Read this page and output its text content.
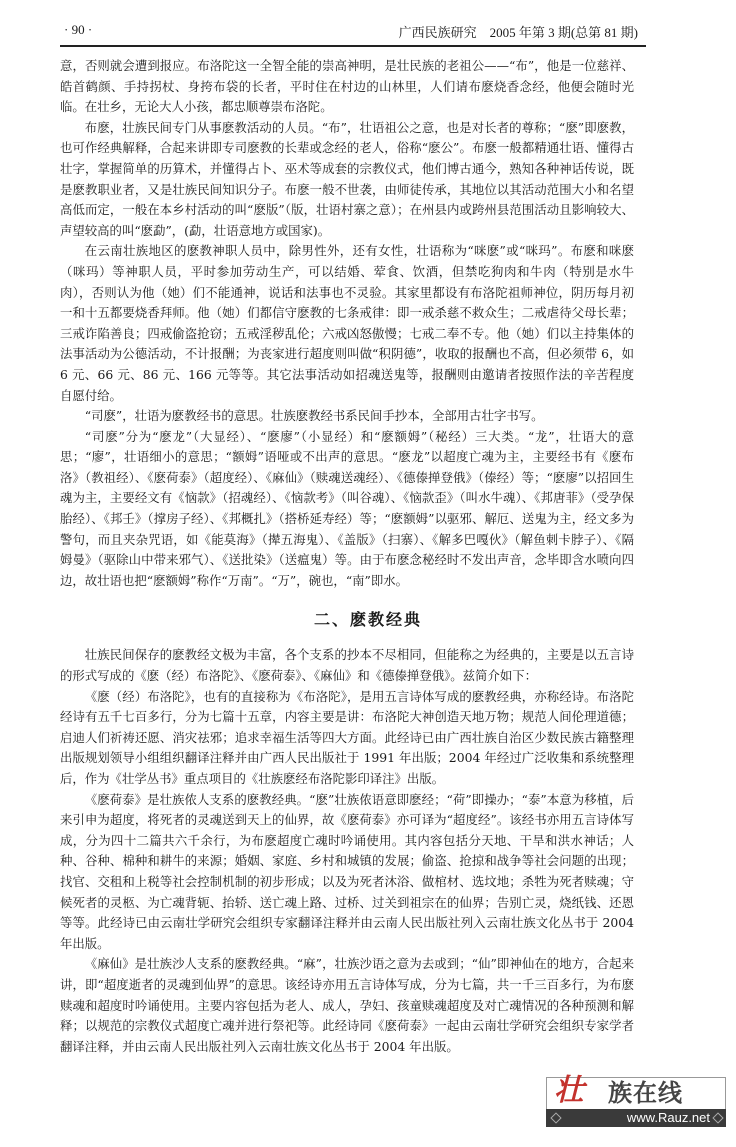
· 90 ·	广西民族研究　2005 年第 3 期(总第 81 期)

意，否则就会遭到报应。布洛陀这一全智全能的崇高神明，是壮民族的老祖公——“布”，他是一位慈祥、皓首鹤颜、手持拐杖、身挎布袋的长者，平时住在村边的山林里，人们请布麽烧香念经，他便会随时光临。在壮乡，无论大人小孩，都忠顺尊崇布洛陀。

布麽，壮族民间专门从事麽教活动的人员。“布”，壮语祖公之意，也是对长者的尊称；“麽”即麽教，也可作经典解释，合起来讲即专司麽教的长辈或念经的老人，俗称“麽公”。布麽一般都精通壮语、懂得古壮字，掌握简单的历算术，并懂得占卜、巫术等成套的宗教仪式，他们博古通今，熟知各种神话传说，既是麽教职业者，又是壮族民间知识分子。布麽一般不世袭，由师徒传承，其地位以其活动范围大小和名望高低而定，一般在本乡村活动的叫“麽版”（版，壮语村寨之意）；在州县内或跨州县范围活动且影响较大、声望较高的叫“麽勐”，(勐，壮语意地方或国家)。

在云南壮族地区的麽教神职人员中，除男性外，还有女性，壮语称为“咪麽”或“咪玛”。布麽和咪麽（咪玛）等神职人员，平时参加劳动生产，可以结婚、荤食、饮酒，但禁吃狗肉和牛肉（特别是水牛肉），否则认为他（她）们不能通神，说话和法事也不灵验。其家里都设有布洛陀祖师神位，阴历每月初一和十五都要烧香拜师。他（她）们都信守麽教的七条戒律：即一戒杀慈不救众生；二戒虐待父母长辈；三戒诈陷善良；四戒偷盗抢窃；五戒淫秽乱伦；六戒凶怒傲慢；七戒二奉不专。他（她）们以主持集体的法事活动为公德活动，不计报酬；为丧家进行超度则叫做“积阴德”，收取的报酬也不高，但必须带 6，如 6 元、66 元、86 元、166 元等等。其它法事活动如招魂送鬼等，报酬则由邀请者按照作法的辛苦程度自愿付给。

“司麽”，壮语为麽教经书的意思。壮族麽教经书系民间手抄本，全部用古壮字书写。

“司麽”分为“麽龙”（大显经）、“麽廖”（小显经）和“麽额姆”（秘经）三大类。“龙”，壮语大的意思；“廖”，壮语细小的意思；“额姆”语哑或不出声的意思。“麽龙”以超度亡魂为主，主要经书有《麽布洛》（教祖经）、《麽荷泰》（超度经）、《麻仙》（赎魂送魂经）、《德傣掸登俄》（傣经）等；“麽廖”以招回生魂为主，主要经文有《恼款》（招魂经）、《恼款考》（叫谷魂）、《恼款歪》（叫水牛魂）、《邦唐菲》（受孕保胎经）、《邦壬》（撑房子经）、《邦概扎》（搭桥延寿经）等；“麽额姆”以驱邪、解厄、送鬼为主，经文多为警句，而且夹杂咒语，如《能莫海》（撵五海鬼）、《盖版》（扫寨）、《解多巴嘎伙》（解鱼刺卡脖子）、《隔姆曼》（驱除山中带来邪气）、《送批染》（送瘟鬼）等。由于布麽念秘经时不发出声音，念毕即含水喷向四边，故壮语也把“麽额姆”称作“万南”。“万”，碗也，“南”即水。

二、麽教经典

壮族民间保存的麽教经文极为丰富，各个支系的抄本不尽相同，但能称之为经典的，主要是以五言诗的形式写成的《麽（经）布洛陀》、《麽荷泰》、《麻仙》和《德傣掸登俄》。兹简介如下：

《麽（经）布洛陀》，也有的直接称为《布洛陀》，是用五言诗体写成的麽教经典，亦称经诗。布洛陀经诗有五千七百多行，分为七篇十五章，内容主要是讲：布洛陀大神创造天地万物；规范人间伦理道德；启迪人们祈祷还愿、消灾祛邪；追求幸福生活等四大方面。此经诗已由广西壮族自治区少数民族古籍整理出版规划领导小组组织翻译注释并由广西人民出版社于 1991 年出版；2004 年经过广泛收集和系统整理后，作为《壮学丛书》重点项目的《壮族麽经布洛陀影印译注》出版。

《麽荷泰》是壮族侬人支系的麽教经典。“麽”壮族侬语意即麽经；“荷”即操办；“泰”本意为移植，后来引申为超度，将死者的灵魂送到天上的仙界，故《麽荷泰》亦可译为“超度经”。该经书亦用五言诗体写成，分为四十二篇共六千余行，为布麽超度亡魂时吟诵使用。其内容包括分天地、干旱和洪水神话；人种、谷种、棉种和耕牛的来源；婚姻、家庭、乡村和城镇的发展；偷盗、抢掠和战争等社会问题的出现；找官、交租和上税等社会控制机制的初步形成；以及为死者沐浴、做棺材、选坟地；杀牲为死者赎魂；守候死者的灵柩、为亡魂背轭、抬轿、送亡魂上路、过桥、过关到祖宗在的仙界；告别亡灵，烧纸钱、还恩等等。此经诗已由云南壮学研究会组织专家翻译注释并由云南人民出版社列入云南壮族文化丛书于 2004 年出版。

《麻仙》是壮族沙人支系的麽教经典。“麻”，壮族沙语之意为去或到；“仙”即神仙在的地方，合起来讲，即“超度逝者的灵魂到仙界”的意思。该经诗亦用五言诗体写成，分为七篇，共一千三百多行，为布麽赎魂和超度时吟诵使用。主要内容包括为老人、成人，孕妇、孩童赎魂超度及对亡魂情况的各种预测和解释；以规范的宗教仪式超度亡魂并进行祭祀等。此经诗同《麽荷泰》一起由云南壮学研究会组织专家学者翻译注释，并由云南人民出版社列入云南壮族文化丛书于 2004 年出版。

壮	族在线
www.Rauz.net
